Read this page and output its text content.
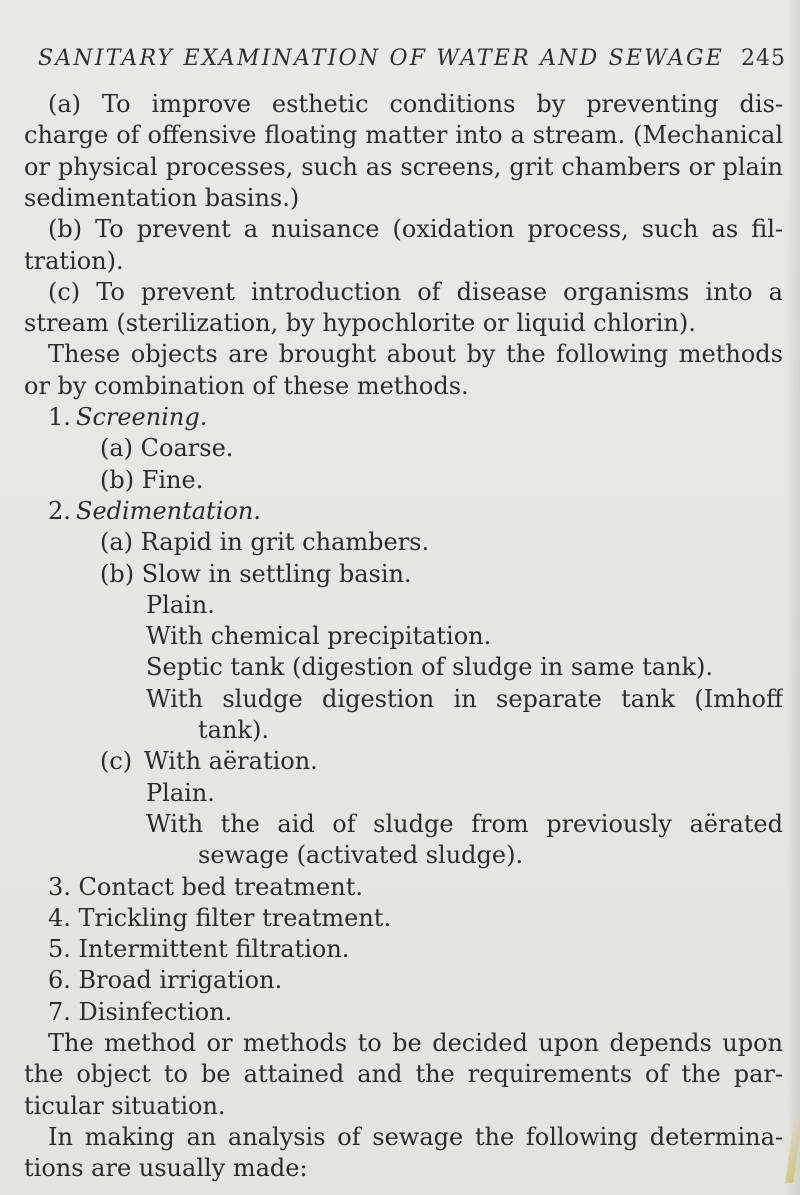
SANITARY EXAMINATION OF WATER AND SEWAGE 245
(a) To improve esthetic conditions by preventing dis-
charge of offensive floating matter into a stream. (Mechanical
or physical processes, such as screens, grit chambers or plain
sedimentation basins.)
(b) To prevent a nuisance (oxidation process, such as fil-
tration).
(c) To prevent introduction of disease organisms into a
stream (sterilization, by hypochlorite or liquid chlorin).
These objects are brought about by the following methods
or by combination of these methods.
1. Screening.
(a) Coarse.
(b) Fine.
2. Sedimentation.
(a) Rapid in grit chambers.
(b) Slow in settling basin.
Plain.
With chemical precipitation.
Septic tank (digestion of sludge in same tank).
With sludge digestion in separate tank (Imhoff
tank).
(c) With aëration.
Plain.
With the aid of sludge from previously aërated
sewage (activated sludge).
3. Contact bed treatment.
4. Trickling filter treatment.
5. Intermittent filtration.
6. Broad irrigation.
7. Disinfection.
The method or methods to be decided upon depends upon
the object to be attained and the requirements of the par-
ticular situation.
In making an analysis of sewage the following determina-
tions are usually made:
